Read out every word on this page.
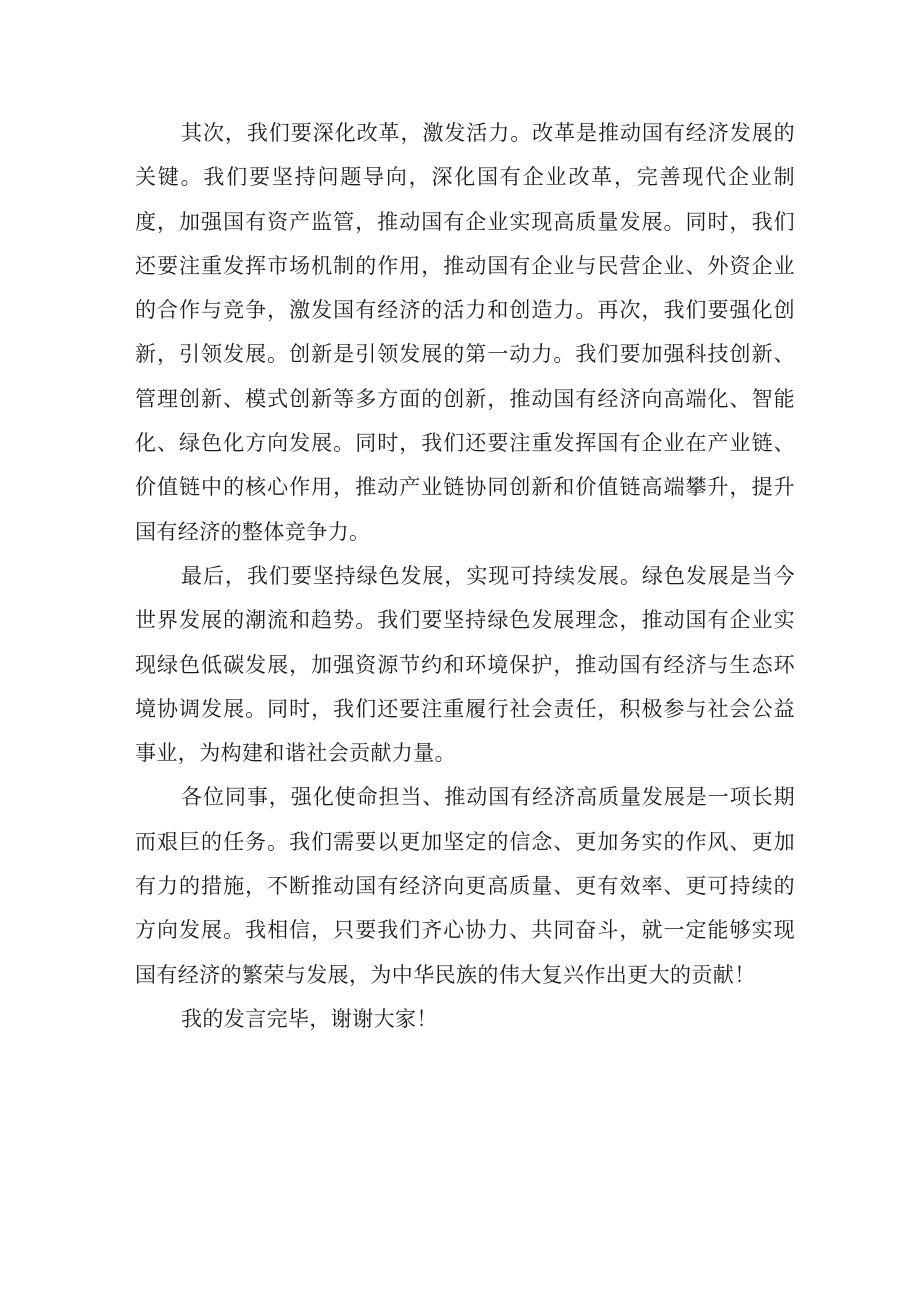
其次，我们要深化改革，激发活力。改革是推动国有经济发展的关键。我们要坚持问题导向，深化国有企业改革，完善现代企业制度，加强国有资产监管，推动国有企业实现高质量发展。同时，我们还要注重发挥市场机制的作用，推动国有企业与民营企业、外资企业的合作与竞争，激发国有经济的活力和创造力。再次，我们要强化创新，引领发展。创新是引领发展的第一动力。我们要加强科技创新、管理创新、模式创新等多方面的创新，推动国有经济向高端化、智能化、绿色化方向发展。同时，我们还要注重发挥国有企业在产业链、价值链中的核心作用，推动产业链协同创新和价值链高端攀升，提升国有经济的整体竞争力。

最后，我们要坚持绿色发展，实现可持续发展。绿色发展是当今世界发展的潮流和趋势。我们要坚持绿色发展理念，推动国有企业实现绿色低碳发展，加强资源节约和环境保护，推动国有经济与生态环境协调发展。同时，我们还要注重履行社会责任，积极参与社会公益事业，为构建和谐社会贡献力量。

各位同事，强化使命担当、推动国有经济高质量发展是一项长期而艰巨的任务。我们需要以更加坚定的信念、更加务实的作风、更加有力的措施，不断推动国有经济向更高质量、更有效率、更可持续的方向发展。我相信，只要我们齐心协力、共同奋斗，就一定能够实现国有经济的繁荣与发展，为中华民族的伟大复兴作出更大的贡献！

我的发言完毕，谢谢大家！
